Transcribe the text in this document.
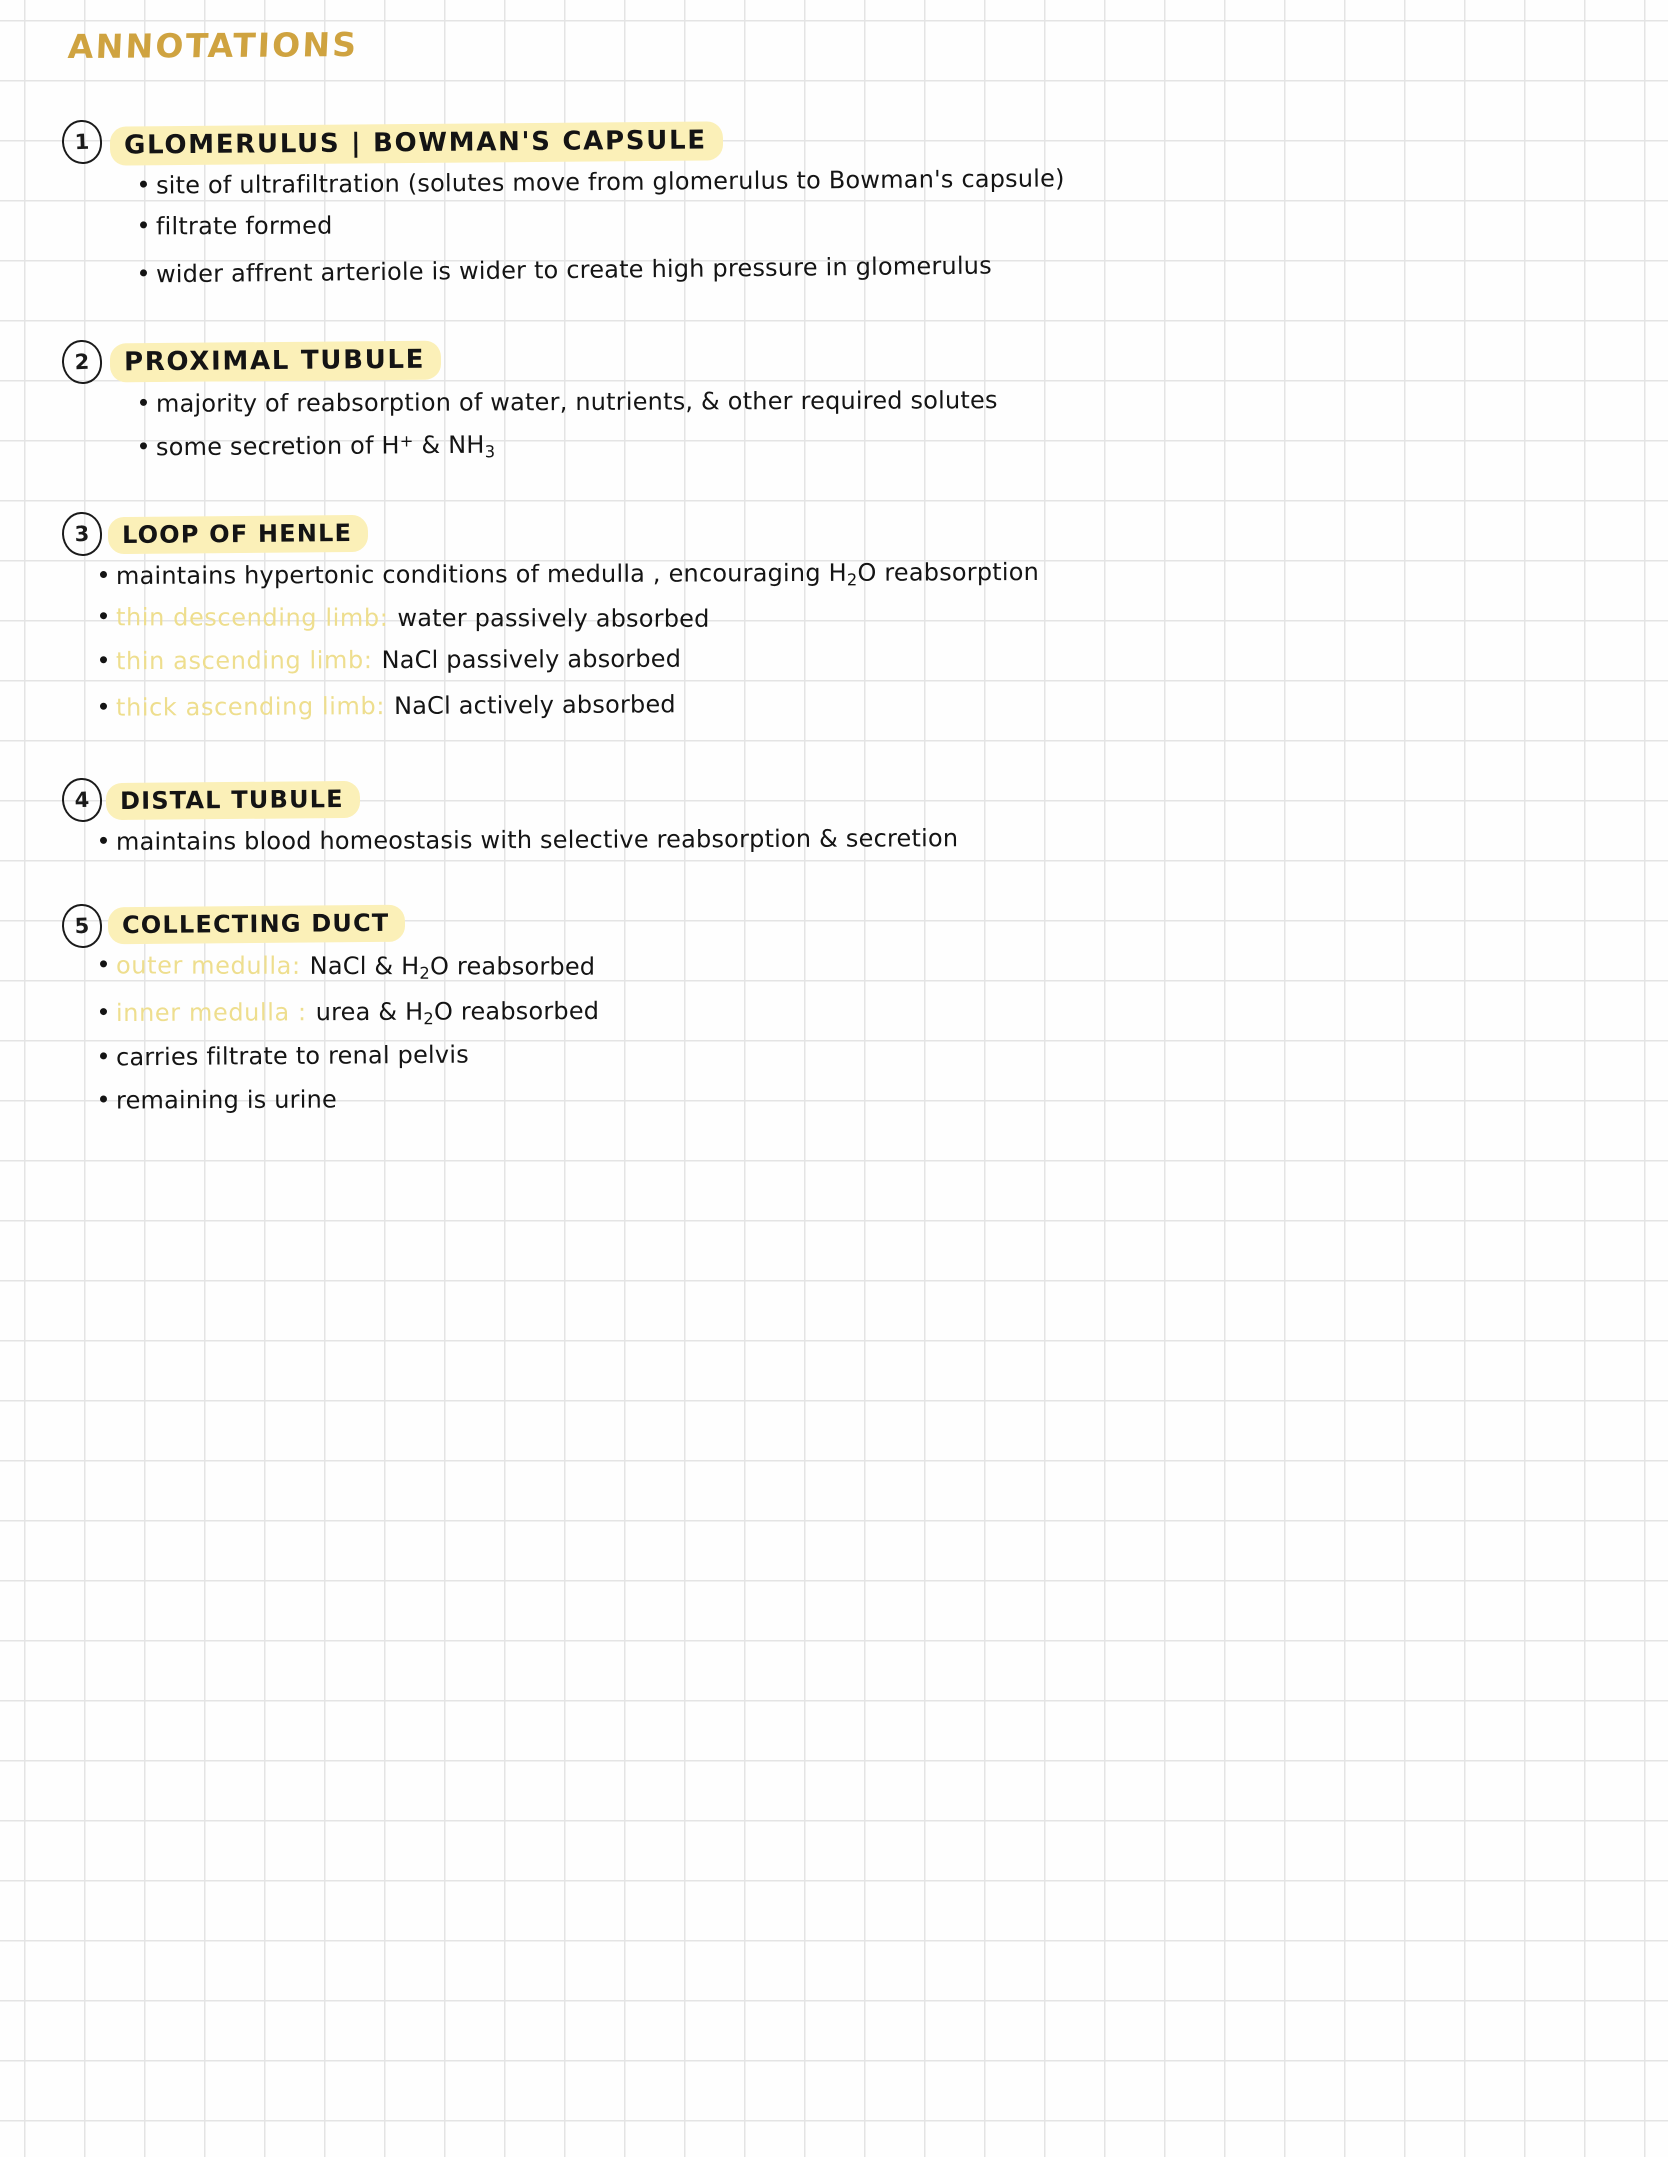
ANNOTATIONS
1	GLOMERULUS | BOWMAN'S CAPSULE
site of ultrafiltration (solutes move from glomerulus to Bowman's capsule)
filtrate formed
wider affrent arteriole is wider to create high pressure in glomerulus
2	PROXIMAL TUBULE
majority of reabsorption of water, nutrients, & other required solutes
some secretion of H+ & $NH_3$
3	LOOP OF HENLE
maintains hypertonic conditions of medulla , encouraging $H_2O$ reabsorption
thin descending limb: water passively absorbed
thin ascending limb: NaCl passively absorbed
thick ascending limb: NaCl actively absorbed
4	DISTAL TUBULE
maintains blood homeostasis with selective reabsorption & secretion
5	COLLECTING DUCT
outer medulla: NaCl & $H_2O$ reabsorbed
inner medulla : urea & $H_2O$ reabsorbed
carries filtrate to renal pelvis
remaining is urine
